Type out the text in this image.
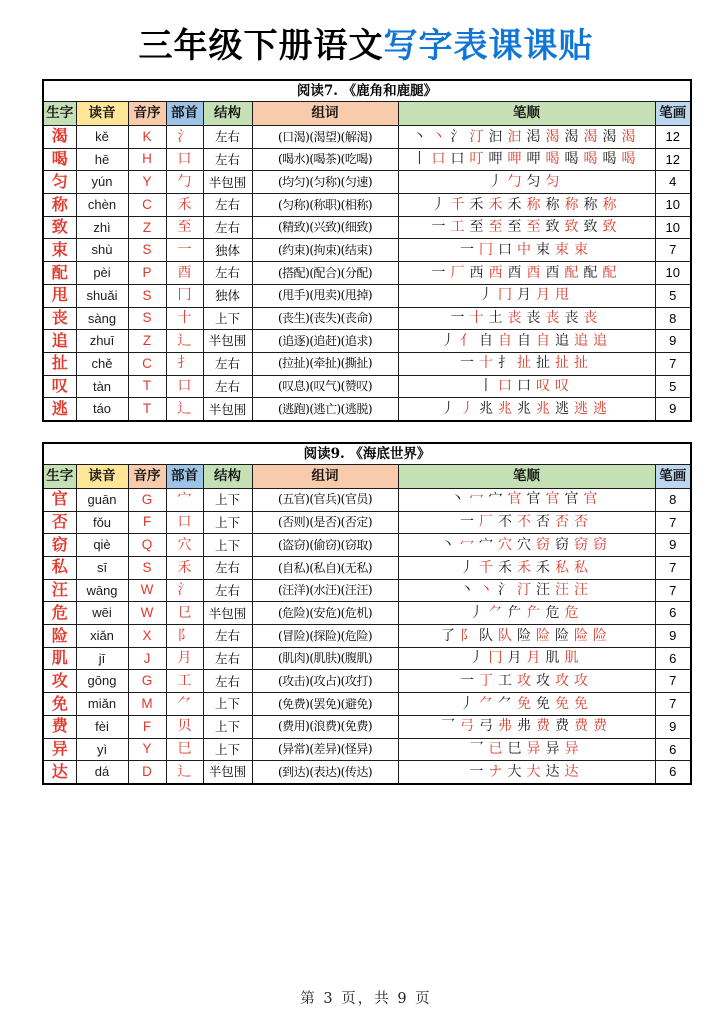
三年级下册语文写字表课课贴
阅读7. 《鹿角和鹿腿》							
生字	读音	音序	部首	结构	组词	笔顺	笔画
渴	kě	K	氵	左右	(口渴)(渴望)(解渴)	丶 丶 氵 汀 汩 汩 渇 渴 渴 渴 渴 渴	12
喝	hē	H	口	左右	(喝水)(喝茶)(吃喝)	丨 口 口 叮 呷 呷 呷 喝 喝 喝 喝 喝	12
匀	yún	Y	勹	半包围	(均匀)(匀称)(匀速)	丿 勹 匀 匀	4
称	chèn	C	禾	左右	(匀称)(称职)(相称)	丿 千 禾 禾 禾 称 称 称 称 称	10
致	zhì	Z	至	左右	(精致)(兴致)(细致)	一 工 至 至 至 至 致 致 致 致	10
束	shù	S	一	独体	(约束)(拘束)(结束)	一 冂 口 中 束 束 束	7
配	pèi	P	酉	左右	(搭配)(配合)(分配)	一 厂 西 西 酉 酉 酉 配 配 配	10
甩	shuǎi	S	冂	独体	(甩手)(甩卖)(甩掉)	丿 冂 月 月 甩	5
丧	sàng	S	十	上下	(丧生)(丧失)(丧命)	一 十 土 丧 丧 丧 丧 丧	8
追	zhuī	Z	辶	半包围	(追逐)(追赶)(追求)	丿 亻 自 自 自 自 追 追 追	9
扯	chě	C	扌	左右	(拉扯)(牵扯)(撕扯)	一 十 扌 扯 扯 扯 扯	7
叹	tàn	T	口	左右	(叹息)(叹气)(赞叹)	丨 口 口 叹 叹	5
逃	táo	T	辶	半包围	(逃跑)(逃亡)(逃脱)	丿 丿 兆 兆 兆 兆 逃 逃 逃	9
阅读9. 《海底世界》							
生字	读音	音序	部首	结构	组词	笔顺	笔画
官	guān	G	宀	上下	(五官)(官兵)(官员)	丶 冖 宀 官 官 官 官 官	8
否	fǒu	F	口	上下	(否则)(是否)(否定)	一 厂 不 不 否 否 否	7
窃	qiè	Q	穴	上下	(盗窃)(偷窃)(窃取)	丶 冖 宀 穴 穴 窃 窃 窃 窃	9
私	sī	S	禾	左右	(自私)(私自)(无私)	丿 千 禾 禾 禾 私 私	7
汪	wāng	W	氵	左右	(汪洋)(水汪)(汪汪)	丶 丶 氵 汀 汪 汪 汪	7
危	wēi	W	㔾	半包围	(危险)(安危)(危机)	丿 ⺈ 厃 厃 危 危	6
险	xiǎn	X	阝	左右	(冒险)(探险)(危险)	了 阝 队 队 险 险 险 险 险	9
肌	jī	J	月	左右	(肌肉)(肌肤)(腹肌)	丿 冂 月 月 肌 肌	6
攻	gōng	G	工	左右	(攻击)(攻占)(攻打)	一 丁 工 攻 攻 攻 攻	7
免	miǎn	M	⺈	上下	(免费)(罢免)(避免)	丿 ⺈ ⺈ 免 免 免 免	7
费	fèi	F	贝	上下	(费用)(浪费)(免费)	乛 弓 弓 弗 弗 费 费 费 费	9
异	yì	Y	巳	上下	(异常)(差异)(怪异)	乛 已 巳 异 异 异	6
达	dá	D	辶	半包围	(到达)(表达)(传达)	一 ナ 大 大 达 达	6
第 3 页，共 9 页
